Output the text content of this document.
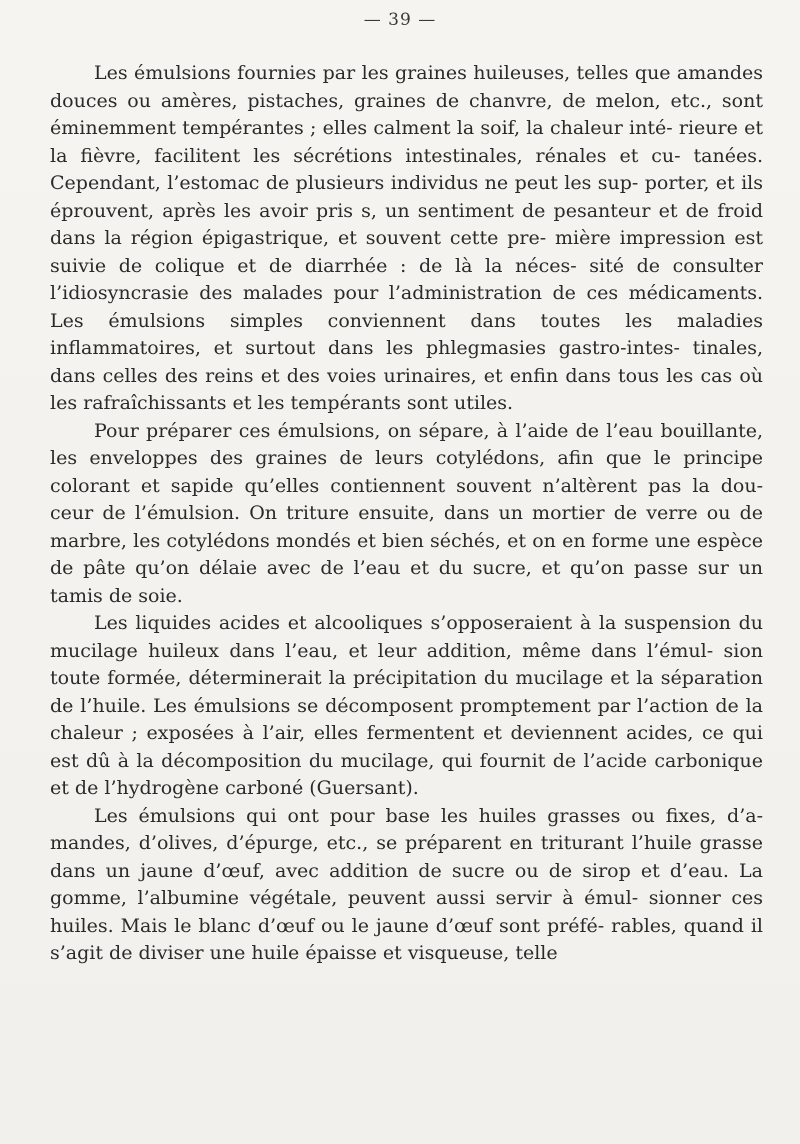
— 39 —

Les émulsions fournies par les graines huileuses, telles que amandes douces ou amères, pistaches, graines de chanvre, de melon, etc., sont éminemment tempérantes ; elles calment la soif, la chaleur inté- rieure et la fièvre, facilitent les sécrétions intestinales, rénales et cu- tanées. Cependant, l’estomac de plusieurs individus ne peut les sup- porter, et ils éprouvent, après les avoir pris s, un sentiment de pesanteur et de froid dans la région épigastrique, et souvent cette pre- mière impression est suivie de colique et de diarrhée : de là la néces- sité de consulter l’idiosyncrasie des malades pour l’administration de ces médicaments. Les émulsions simples conviennent dans toutes les maladies inflammatoires, et surtout dans les phlegmasies gastro-intes- tinales, dans celles des reins et des voies urinaires, et enfin dans tous les cas où les rafraîchissants et les tempérants sont utiles.

Pour préparer ces émulsions, on sépare, à l’aide de l’eau bouillante, les enveloppes des graines de leurs cotylédons, afin que le principe colorant et sapide qu’elles contiennent souvent n’altèrent pas la dou- ceur de l’émulsion. On triture ensuite, dans un mortier de verre ou de marbre, les cotylédons mondés et bien séchés, et on en forme une espèce de pâte qu’on délaie avec de l’eau et du sucre, et qu’on passe sur un tamis de soie.

Les liquides acides et alcooliques s’opposeraient à la suspension du mucilage huileux dans l’eau, et leur addition, même dans l’émul- sion toute formée, déterminerait la précipitation du mucilage et la séparation de l’huile. Les émulsions se décomposent promptement par l’action de la chaleur ; exposées à l’air, elles fermentent et deviennent acides, ce qui est dû à la décomposition du mucilage, qui fournit de l’acide carbonique et de l’hydrogène carboné (Guersant).

Les émulsions qui ont pour base les huiles grasses ou fixes, d’a- mandes, d’olives, d’épurge, etc., se préparent en triturant l’huile grasse dans un jaune d’œuf, avec addition de sucre ou de sirop et d’eau. La gomme, l’albumine végétale, peuvent aussi servir à émul- sionner ces huiles. Mais le blanc d’œuf ou le jaune d’œuf sont préfé- rables, quand il s’agit de diviser une huile épaisse et visqueuse, telle
